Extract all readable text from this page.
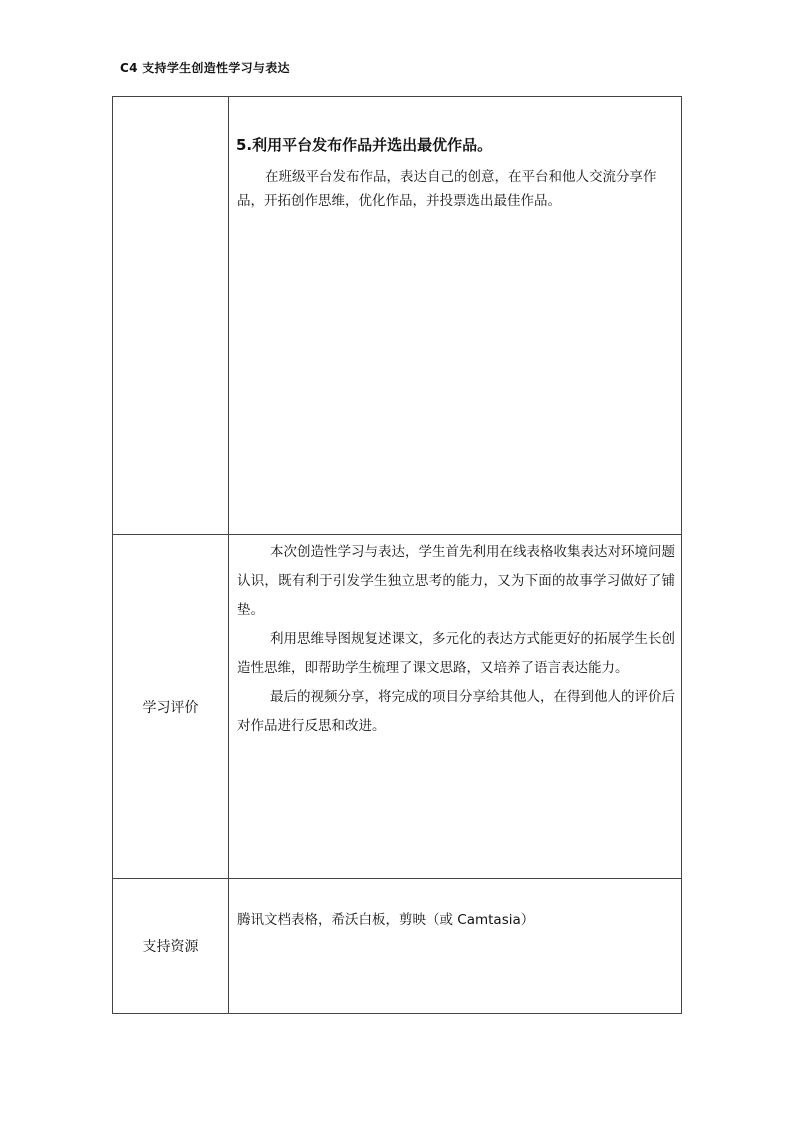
C4 支持学生创造性学习与表达

	5.利用平台发布作品并选出最优作品。

在班级平台发布作品，表达自己的创意，在平台和他人交流分享作品，开拓创作思维，优化作品，并投票选出最佳作品。

学习评价	本次创造性学习与表达，学生首先利用在线表格收集表达对环境问题认识，既有利于引发学生独立思考的能力，又为下面的故事学习做好了铺垫。

利用思维导图规复述课文，多元化的表达方式能更好的拓展学生长创造性思维，即帮助学生梳理了课文思路，又培养了语言表达能力。

最后的视频分享，将完成的项目分享给其他人，在得到他人的评价后对作品进行反思和改进。

支持资源	腾讯文档表格，希沃白板，剪映（或 Camtasia）
